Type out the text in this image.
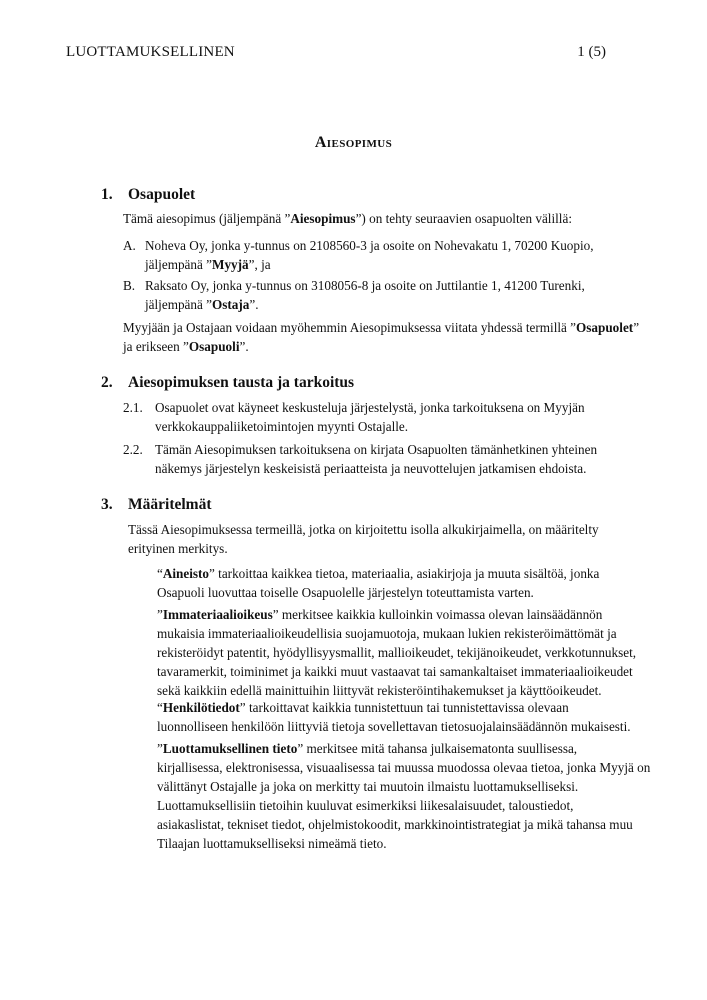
LUOTTAMUKSELLINEN	1 (5)
Aiesopimus
1. Osapuolet
Tämä aiesopimus (jäljempänä ”Aiesopimus”) on tehty seuraavien osapuolten välillä:
A. Noheva Oy, jonka y-tunnus on 2108560-3 ja osoite on Nohevakatu 1, 70200 Kuopio,
jäljempänä ”Myyjä”, ja
B. Raksato Oy, jonka y-tunnus on 3108056-8 ja osoite on Juttilantie 1, 41200 Turenki,
jäljempänä ”Ostaja”.
Myyjään ja Ostajaan voidaan myöhemmin Aiesopimuksessa viitata yhdessä termillä ”Osapuolet”
ja erikseen ”Osapuoli”.
2. Aiesopimuksen tausta ja tarkoitus
2.1. Osapuolet ovat käyneet keskusteluja järjestelystä, jonka tarkoituksena on Myyjän
verkkokauppaliiketoimintojen myynti Ostajalle.
2.2. Tämän Aiesopimuksen tarkoituksena on kirjata Osapuolten tämänhetkinen yhteinen
näkemys järjestelyn keskeisistä periaatteista ja neuvottelujen jatkamisen ehdoista.
3. Määritelmät
Tässä Aiesopimuksessa termeillä, jotka on kirjoitettu isolla alkukirjaimella, on määritelty
erityinen merkitys.
“Aineisto” tarkoittaa kaikkea tietoa, materiaalia, asiakirjoja ja muuta sisältöä, jonka
Osapuoli luovuttaa toiselle Osapuolelle järjestelyn toteuttamista varten.
”Immateriaalioikeus” merkitsee kaikkia kulloinkin voimassa olevan lainsäädännön
mukaisia immateriaalioikeudellisia suojamuotoja, mukaan lukien rekisteröimättömät ja
rekisteröidyt patentit, hyödyllisyysmallit, mallioikeudet, tekijänoikeudet, verkkotunnukset,
tavaramerkit, toiminimet ja kaikki muut vastaavat tai samankaltaiset immateriaalioikeudet
sekä kaikkiin edellä mainittuihin liittyvät rekisteröintihakemukset ja käyttöoikeudet.
“Henkilötiedot” tarkoittavat kaikkia tunnistettuun tai tunnistettavissa olevaan
luonnolliseen henkilöön liittyviä tietoja sovellettavan tietosuojalainsäädännön mukaisesti.
”Luottamuksellinen tieto” merkitsee mitä tahansa julkaisematonta suullisessa,
kirjallisessa, elektronisessa, visuaalisessa tai muussa muodossa olevaa tietoa, jonka Myyjä on
välittänyt Ostajalle ja joka on merkitty tai muutoin ilmaistu luottamukselliseksi.
Luottamuksellisiin tietoihin kuuluvat esimerkiksi liikesalaisuudet, taloustiedot,
asiakaslistat, tekniset tiedot, ohjelmistokoodit, markkinointistrategiat ja mikä tahansa muu
Tilaajan luottamukselliseksi nimeämä tieto.
